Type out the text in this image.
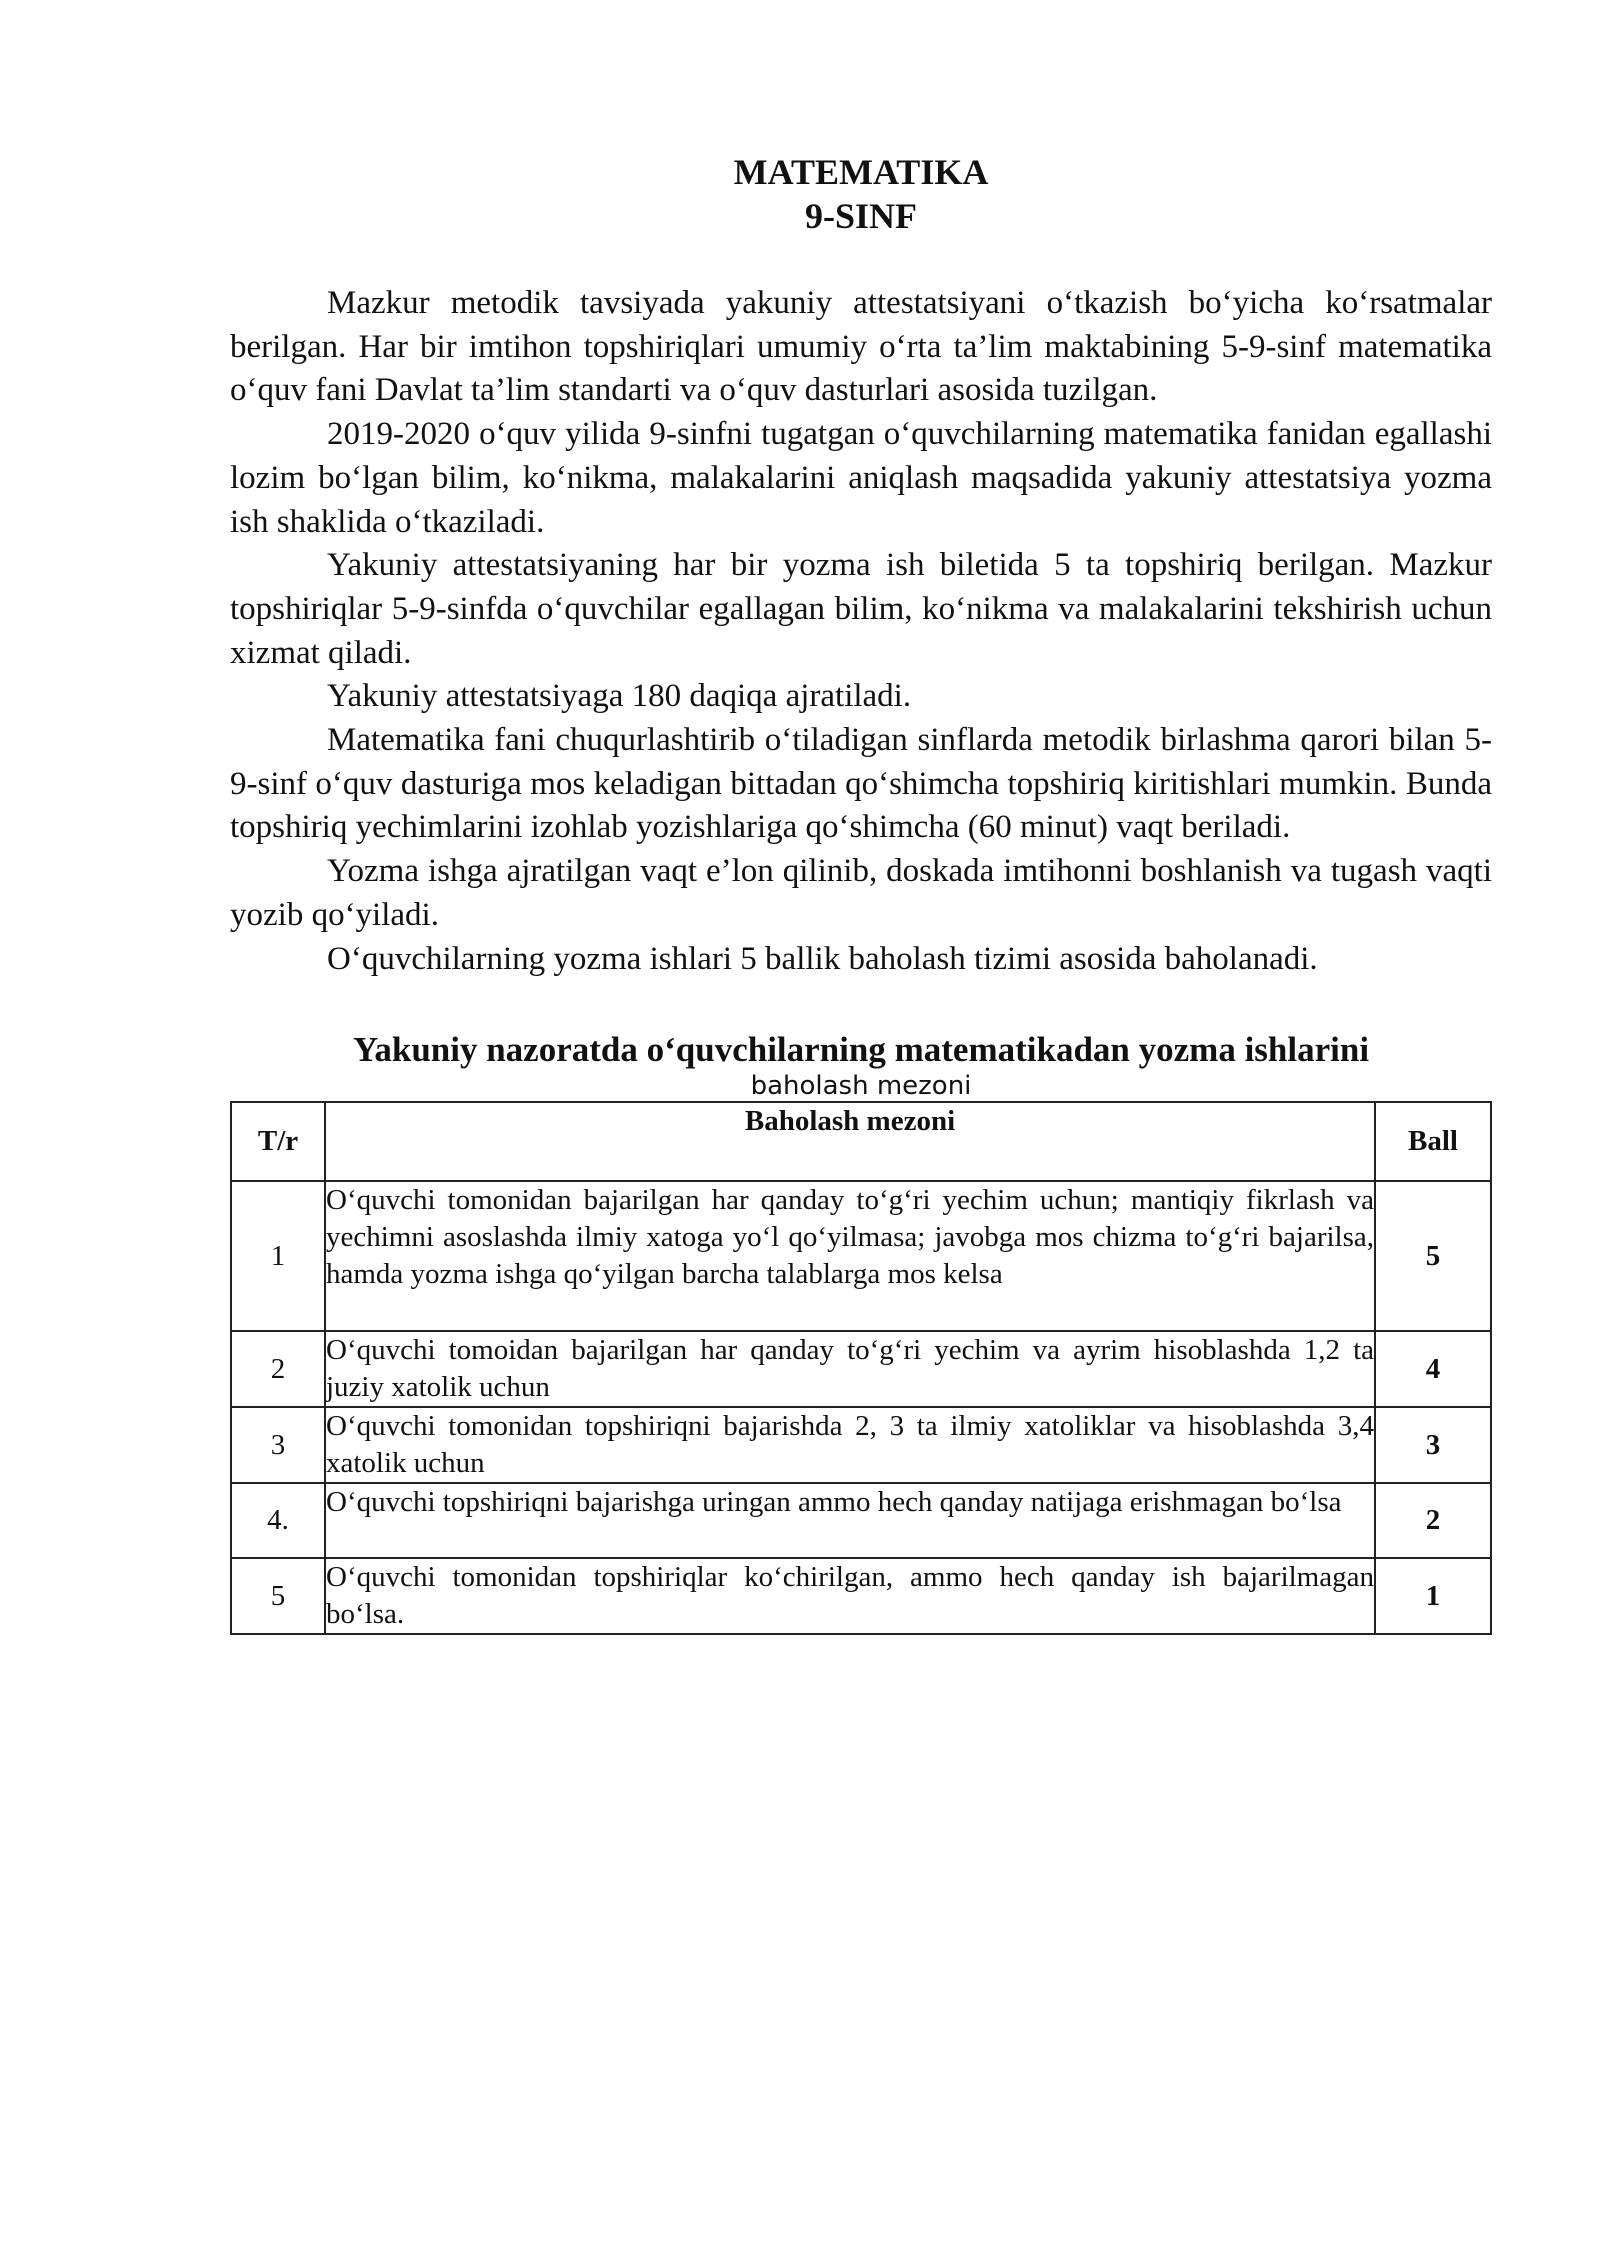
MATEMATIKA
9-SINF

Mazkur metodik tavsiyada yakuniy attestatsiyani o‘tkazish bo‘yicha ko‘rsatmalar berilgan. Har bir imtihon topshiriqlari umumiy o‘rta ta’lim maktabining 5-9-sinf matematika o‘quv fani Davlat ta’lim standarti va o‘quv dasturlari asosida tuzilgan.

2019-2020 o‘quv yilida 9-sinfni tugatgan o‘quvchilarning matematika fanidan egallashi lozim bo‘lgan bilim, ko‘nikma, malakalarini aniqlash maqsadida yakuniy attestatsiya yozma ish shaklida o‘tkaziladi.

Yakuniy attestatsiyaning har bir yozma ish biletida 5 ta topshiriq berilgan. Mazkur topshiriqlar 5-9-sinfda o‘quvchilar egallagan bilim, ko‘nikma va malakalarini tekshirish uchun xizmat qiladi.

Yakuniy attestatsiyaga 180 daqiqa ajratiladi.

Matematika fani chuqurlashtirib o‘tiladigan sinflarda metodik birlashma qarori bilan 5-9-sinf o‘quv dasturiga mos keladigan bittadan qo‘shimcha topshiriq kiritishlari mumkin. Bunda topshiriq yechimlarini izohlab yozishlariga qo‘shimcha (60 minut) vaqt beriladi.

Yozma ishga ajratilgan vaqt e’lon qilinib, doskada imtihonni boshlanish va tugash vaqti yozib qo‘yiladi.

O‘quvchilarning yozma ishlari 5 ballik baholash tizimi asosida baholanadi.

Yakuniy nazoratda o‘quvchilarning matematikadan yozma ishlarini
baholash mezoni
T/r	Baholash mezoni	Ball
1	O‘quvchi tomonidan bajarilgan har qanday to‘g‘ri yechim uchun; mantiqiy fikrlash va yechimni asoslashda ilmiy xatoga yo‘l qo‘yilmasa; javobga mos chizma to‘g‘ri bajarilsa, hamda yozma ishga qo‘yilgan barcha talablarga mos kelsa	5
2	O‘quvchi tomoidan bajarilgan har qanday to‘g‘ri yechim va ayrim hisoblashda 1,2 ta juziy xatolik uchun	4
3	O‘quvchi tomonidan topshiriqni bajarishda 2, 3 ta ilmiy xatoliklar va hisoblashda 3,4 xatolik uchun	3
4.	O‘quvchi topshiriqni bajarishga uringan ammo hech qanday natijaga erishmagan bo‘lsa	2
5	O‘quvchi tomonidan topshiriqlar ko‘chirilgan, ammo hech qanday ish bajarilmagan bo‘lsa.	1
